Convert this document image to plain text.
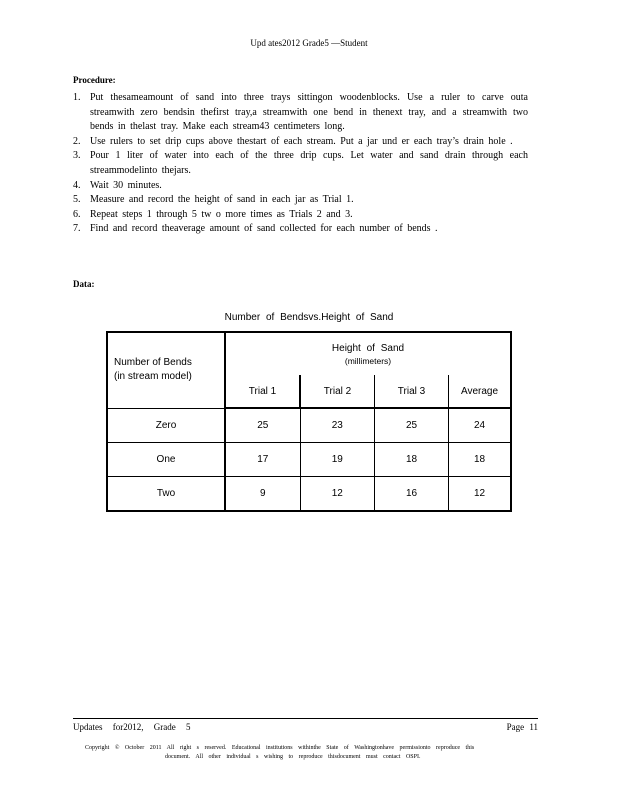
Upd ates2012 Grade5 —Student
Procedure:
1. Put thesameamount of sand into three trays sittingon woodenblocks. Use a ruler to carve outa streamwith zero bendsin thefirst tray,a streamwith one bend in thenext tray, and a streamwith two bends in thelast tray. Make each stream43 centimeters long.
2. Use rulers to set drip cups above thestart of each stream. Put a jar und er each tray’s drain hole .
3. Pour 1 liter of water into each of the three drip cups. Let water and sand drain through each streammodelinto thejars.
4. Wait 30 minutes.
5. Measure and record the height of sand in each jar as Trial 1.
6. Repeat steps 1 through 5 tw o more times as Trials 2 and 3.
7. Find and record theaverage amount of sand collected for each number of bends .
Data:
Number of Bendsvs.Height of Sand
Number of Bends
(in stream model)	Height of Sand
(millimeters)			

	Trial 1	Trial 2	Trial 3	Average
Zero	25	23	25	24
One	17	19	18	18
Two	9	12	16	12
Updates for2012, Grade 5	Page 11
Copyright © October 2011 All right s reserved. Educational institutions withinthe State of Washingtonhave permissionto reproduce this
document. All other individual s wishing to reproduce thisdocument must contact OSPI.
